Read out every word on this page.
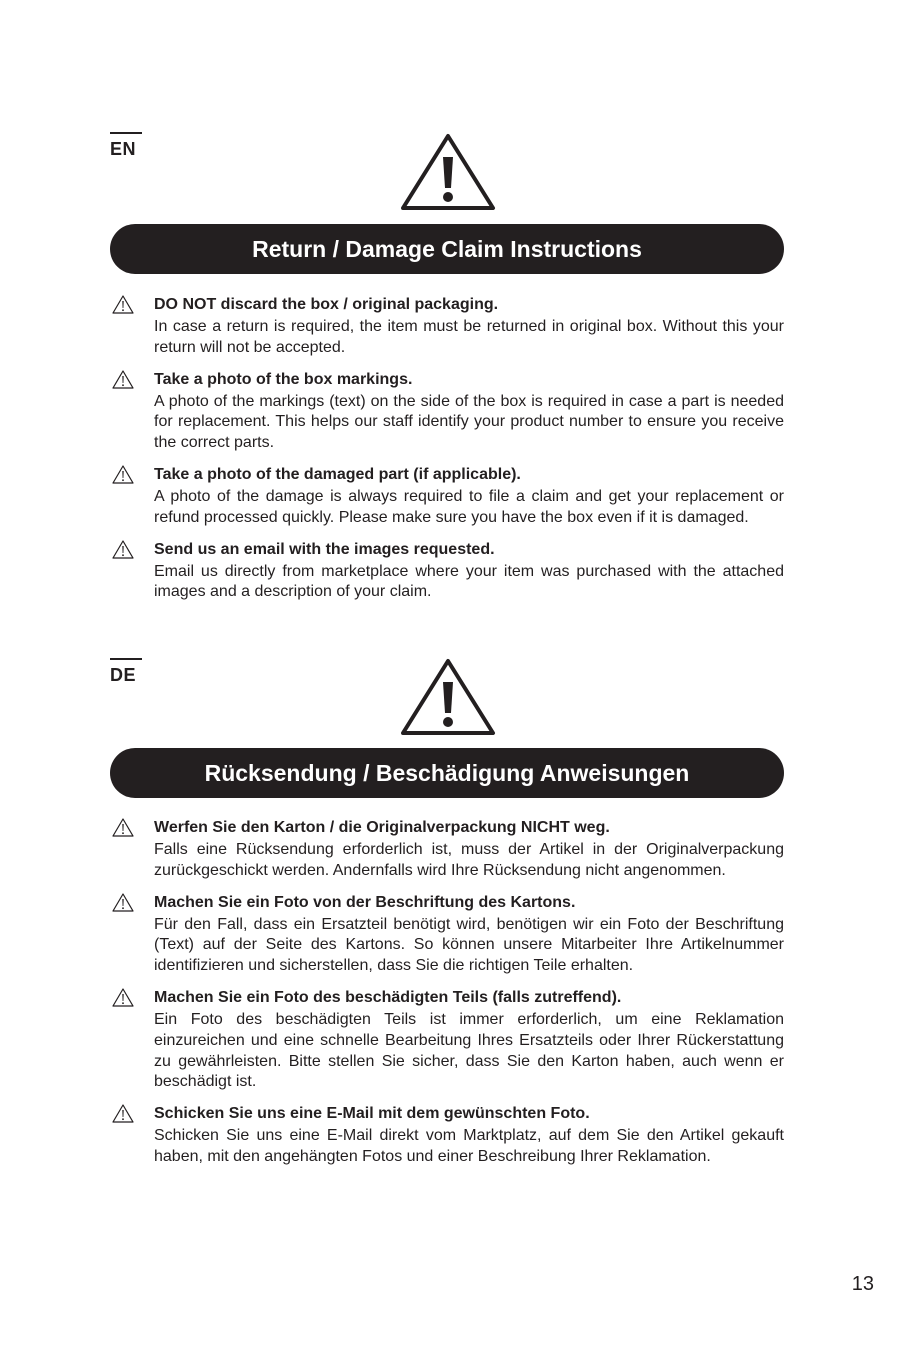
EN
Return / Damage Claim Instructions
DO NOT discard the box / original packaging.
In case a return is required, the item must be returned in original box. Without this your return will not be accepted.
Take a photo of the box markings.
A photo of the markings (text) on the side of the box is required in case a part is needed for replacement. This helps our staff identify your product number to ensure you receive the correct parts.
Take a photo of the damaged part (if applicable).
A photo of the damage is always required to file a claim and get your replacement or refund processed quickly. Please make sure you have the box even if it is damaged.
Send us an email with the images requested.
Email us directly from marketplace where your item was purchased with the attached images and a description of your claim.
DE
Rücksendung / Beschädigung Anweisungen
Werfen Sie den Karton / die Originalverpackung NICHT weg.
Falls eine Rücksendung erforderlich ist, muss der Artikel in der Originalverpackung zurückgeschickt werden. Andernfalls wird Ihre Rücksendung nicht angenommen.
Machen Sie ein Foto von der Beschriftung des Kartons.
Für den Fall, dass ein Ersatzteil benötigt wird, benötigen wir ein Foto der Beschriftung (Text) auf der Seite des Kartons. So können unsere Mitarbeiter Ihre Artikelnummer identifizieren und sicherstellen, dass Sie die richtigen Teile erhalten.
Machen Sie ein Foto des beschädigten Teils (falls zutreffend).
Ein Foto des beschädigten Teils ist immer erforderlich, um eine Reklamation einzureichen und eine schnelle Bearbeitung Ihres Ersatzteils oder Ihrer Rückerstattung zu gewährleisten. Bitte stellen Sie sicher, dass Sie den Karton haben, auch wenn er beschädigt ist.
Schicken Sie uns eine E-Mail mit dem gewünschten Foto.
Schicken Sie uns eine E-Mail direkt vom Marktplatz, auf dem Sie den Artikel gekauft haben, mit den angehängten Fotos und einer Beschreibung Ihrer Reklamation.
13
